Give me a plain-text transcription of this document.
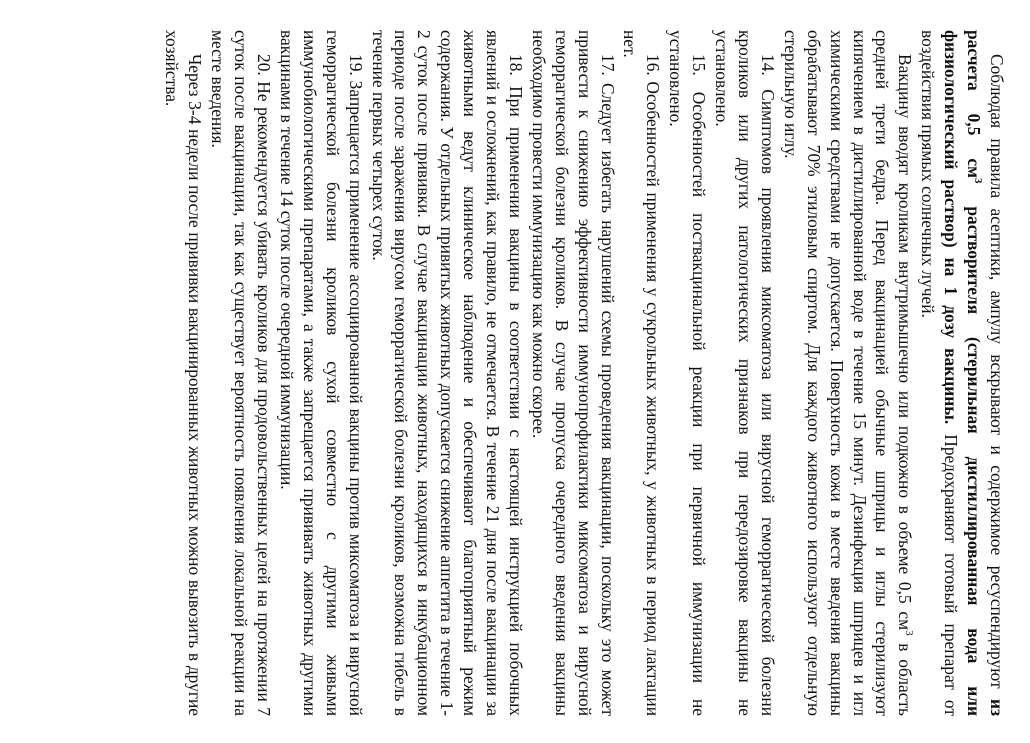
Соблюдая правила асептики, ампулу вскрывают и содержимое ресуспендируют из расчета 0,5 $см^3$ растворителя (стерильная дистиллированная вода или физиологический раствор) на 1 дозу вакцины. Предохраняют готовый препарат от воздействия прямых солнечных лучей.

Вакцину вводят кроликам внутримышечно или подкожно в объеме 0,5 $см^3$ в область средней трети бедра. Перед вакцинацией обычные шприцы и иглы стерилизуют кипячением в дистиллированной воде в течение 15 минут. Дезинфекция шприцев и игл химическими средствами не допускается. Поверхность кожи в месте введения вакцины обрабатывают 70% этиловым спиртом. Для каждого животного используют отдельную стерильную иглу.

14. Симптомов проявления миксоматоза или вирусной геморрагической болезни кроликов или других патологических признаков при передозировке вакцины не установлено.

15. Особенностей поствакцинальной реакции при первичной иммунизации не установлено.

16. Особенностей применения у сукрольных животных, у животных в период лактации нет.

17. Следует избегать нарушений схемы проведения вакцинации, поскольку это может привести к снижению эффективности иммунопрофилактики миксоматоза и вирусной геморрагической болезни кроликов. В случае пропуска очередного введения вакцины необходимо провести иммунизацию как можно скорее.

18. При применении вакцины в соответствии с настоящей инструкцией побочных явлений и осложнений, как правило, не отмечается. В течение 21 дня после вакцинации за животными ведут клиническое наблюдение и обеспечивают благоприятный режим содержания. У отдельных привитых животных допускается снижение аппетита в течение 1-2 суток после прививки. В случае вакцинации животных, находящихся в инкубационном периоде после заражения вирусом геморрагической болезни кроликов, возможна гибель в течение первых четырех суток.

19. Запрещается применение ассоциированной вакцины против миксоматоза и вирусной геморрагической болезни кроликов сухой совместно с другими живыми иммунобиологическими препаратами, а также запрещается прививать животных другими вакцинами в течение 14 суток после очередной иммунизации.

20. Не рекомендуется убивать кроликов для продовольственных целей на протяжении 7 суток после вакцинации, так как существует вероятность появления локальной реакции на месте введения.

Через 3-4 недели после прививки вакцинированных животных можно вывозить в другие хозяйства.
